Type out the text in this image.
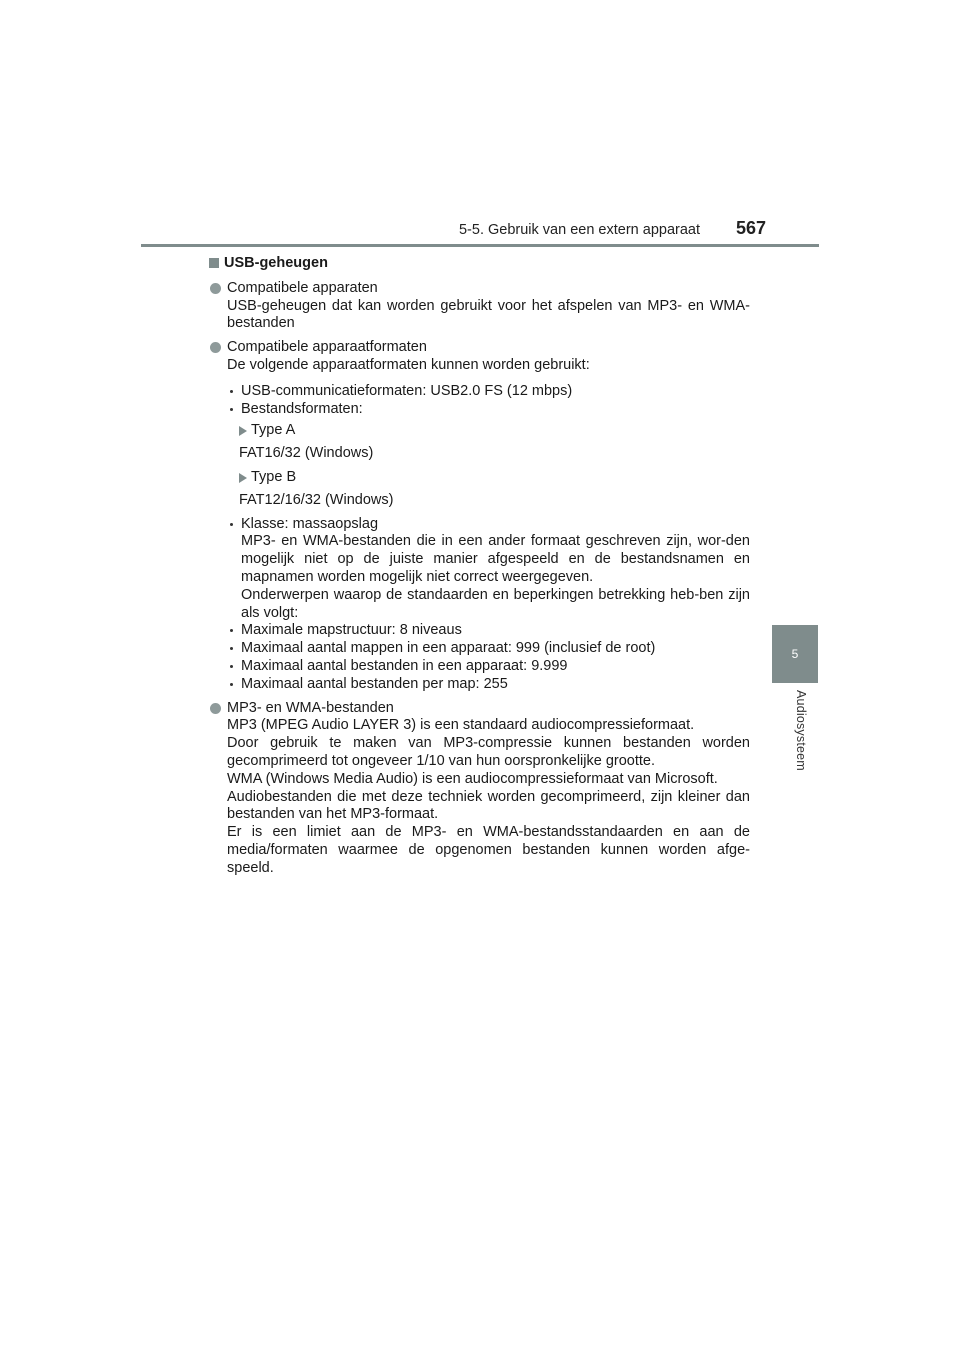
5-5. Gebruik van een extern apparaat 567
5
Audiosysteem
USB-geheugen

Compatibele apparaten

USB-geheugen dat kan worden gebruikt voor het afspelen van MP3- en WMA-bestanden

Compatibele apparaatformaten

De volgende apparaatformaten kunnen worden gebruikt:

USB-communicatieformaten: USB2.0 FS (12 mbps)

Bestandsformaten:

Type A
FAT16/32 (Windows)
Type B
FAT12/16/32 (Windows)

Klasse: massaopslag

MP3- en WMA-bestanden die in een ander formaat geschreven zijn, wor-den mogelijk niet op de juiste manier afgespeeld en de bestandsnamen en mapnamen worden mogelijk niet correct weergegeven.

Onderwerpen waarop de standaarden en beperkingen betrekking heb-ben zijn als volgt:

Maximale mapstructuur: 8 niveaus

Maximaal aantal mappen in een apparaat: 999 (inclusief de root)

Maximaal aantal bestanden in een apparaat: 9.999

Maximaal aantal bestanden per map: 255

MP3- en WMA-bestanden

MP3 (MPEG Audio LAYER 3) is een standaard audiocompressieformaat.

Door gebruik te maken van MP3-compressie kunnen bestanden worden gecomprimeerd tot ongeveer 1/10 van hun oorspronkelijke grootte.

WMA (Windows Media Audio) is een audiocompressieformaat van Microsoft.

Audiobestanden die met deze techniek worden gecomprimeerd, zijn kleiner dan bestanden van het MP3-formaat.

Er is een limiet aan de MP3- en WMA-bestandsstandaarden en aan de media/formaten waarmee de opgenomen bestanden kunnen worden afge-speeld.
